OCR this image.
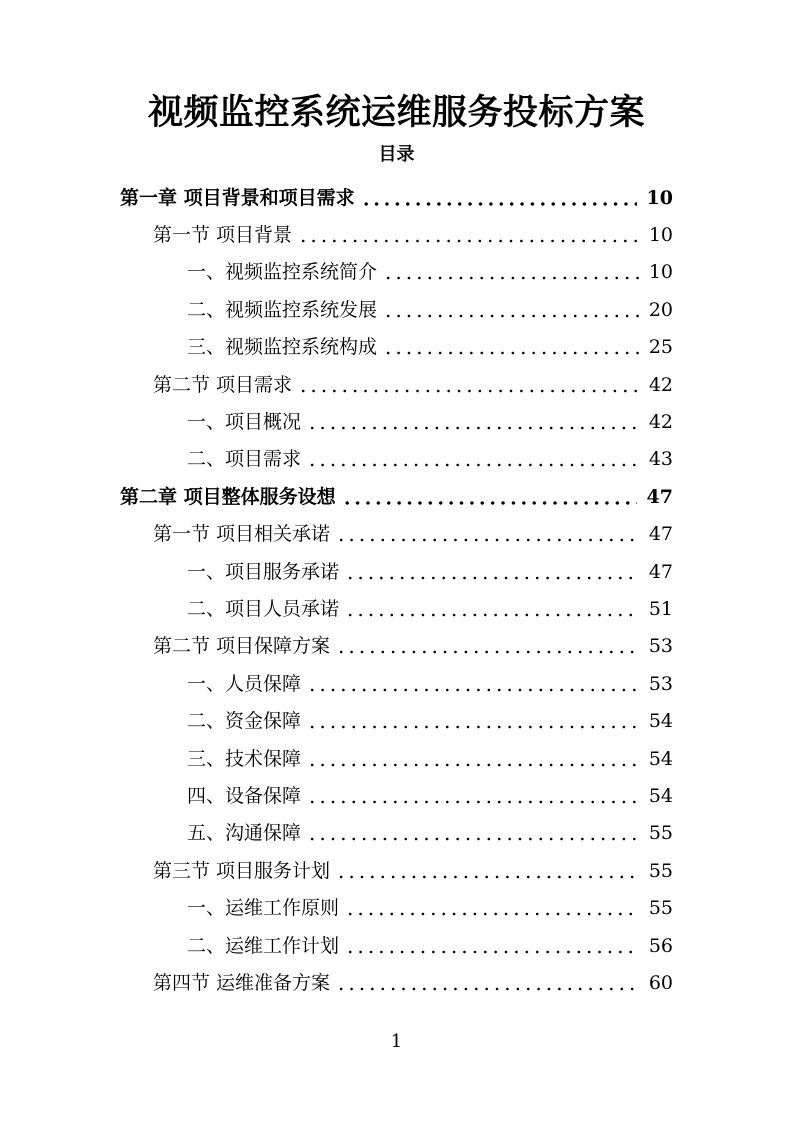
视频监控系统运维服务投标方案
目录
第一章 项目背景和项目需求	10
第一节 项目背景	10
一、视频监控系统简介	10
二、视频监控系统发展	20
三、视频监控系统构成	25
第二节 项目需求	42
一、项目概况	42
二、项目需求	43
第二章 项目整体服务设想	47
第一节 项目相关承诺	47
一、项目服务承诺	47
二、项目人员承诺	51
第二节 项目保障方案	53
一、人员保障	53
二、资金保障	54
三、技术保障	54
四、设备保障	54
五、沟通保障	55
第三节 项目服务计划	55
一、运维工作原则	55
二、运维工作计划	56
第四节 运维准备方案	60
1
